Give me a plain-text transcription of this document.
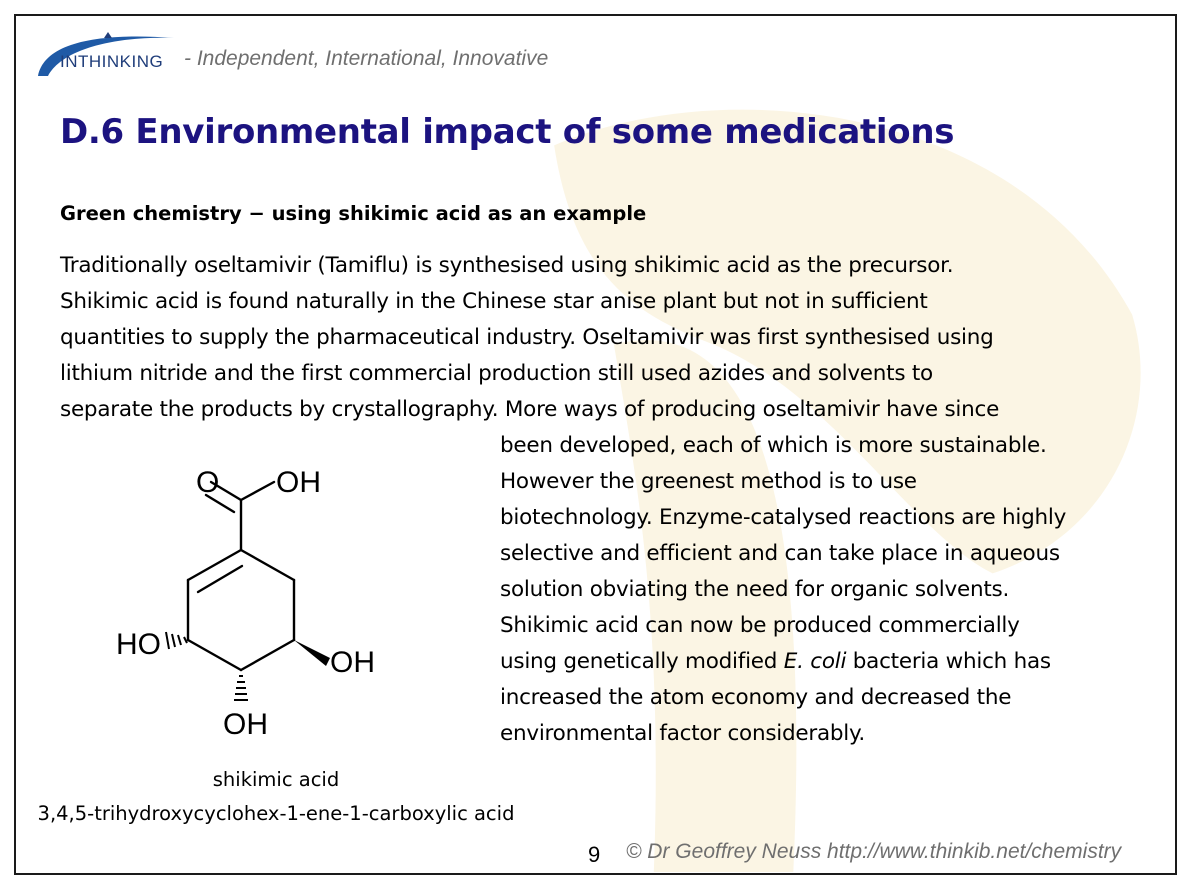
INTHINKING - Independent, International, Innovative
D.6 Environmental impact of some medications
Green chemistry − using shikimic acid as an example
Traditionally oseltamivir (Tamiflu) is synthesised using shikimic acid as the precursor.
Shikimic acid is found naturally in the Chinese star anise plant but not in sufficient
quantities to supply the pharmaceutical industry. Oseltamivir was first synthesised using
lithium nitride and the first commercial production still used azides and solvents to
separate the products by crystallography. More ways of producing oseltamivir have since
been developed, each of which is more sustainable.
However the greenest method is to use
biotechnology. Enzyme-catalysed reactions are highly
selective and efficient and can take place in aqueous
solution obviating the need for organic solvents.
Shikimic acid can now be produced commercially
using genetically modified E. coli bacteria which has
increased the atom economy and decreased the
environmental factor considerably.
O OH
HO
OH
OH
shikimic acid
3,4,5-trihydroxycyclohex-1-ene-1-carboxylic acid
9 © Dr Geoffrey Neuss http://www.thinkib.net/chemistry
